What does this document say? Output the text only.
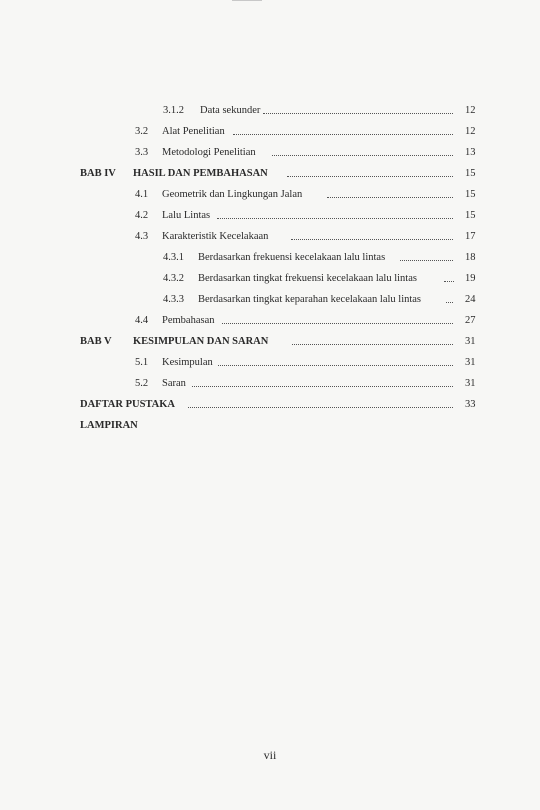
3.1.2 Data sekunder	12
3.2 Alat Penelitian	12
3.3 Metodologi Penelitian	13
BAB IV HASIL DAN PEMBAHASAN	15
4.1 Geometrik dan Lingkungan Jalan	15
4.2 Lalu Lintas	15
4.3 Karakteristik Kecelakaan	17
4.3.1 Berdasarkan frekuensi kecelakaan lalu lintas	18
4.3.2 Berdasarkan tingkat frekuensi kecelakaan lalu lintas	19
4.3.3 Berdasarkan tingkat keparahan kecelakaan lalu lintas	24
4.4 Pembahasan	27
BAB V KESIMPULAN DAN SARAN	31
5.1 Kesimpulan	31
5.2 Saran	31
DAFTAR PUSTAKA	33
LAMPIRAN
vii
